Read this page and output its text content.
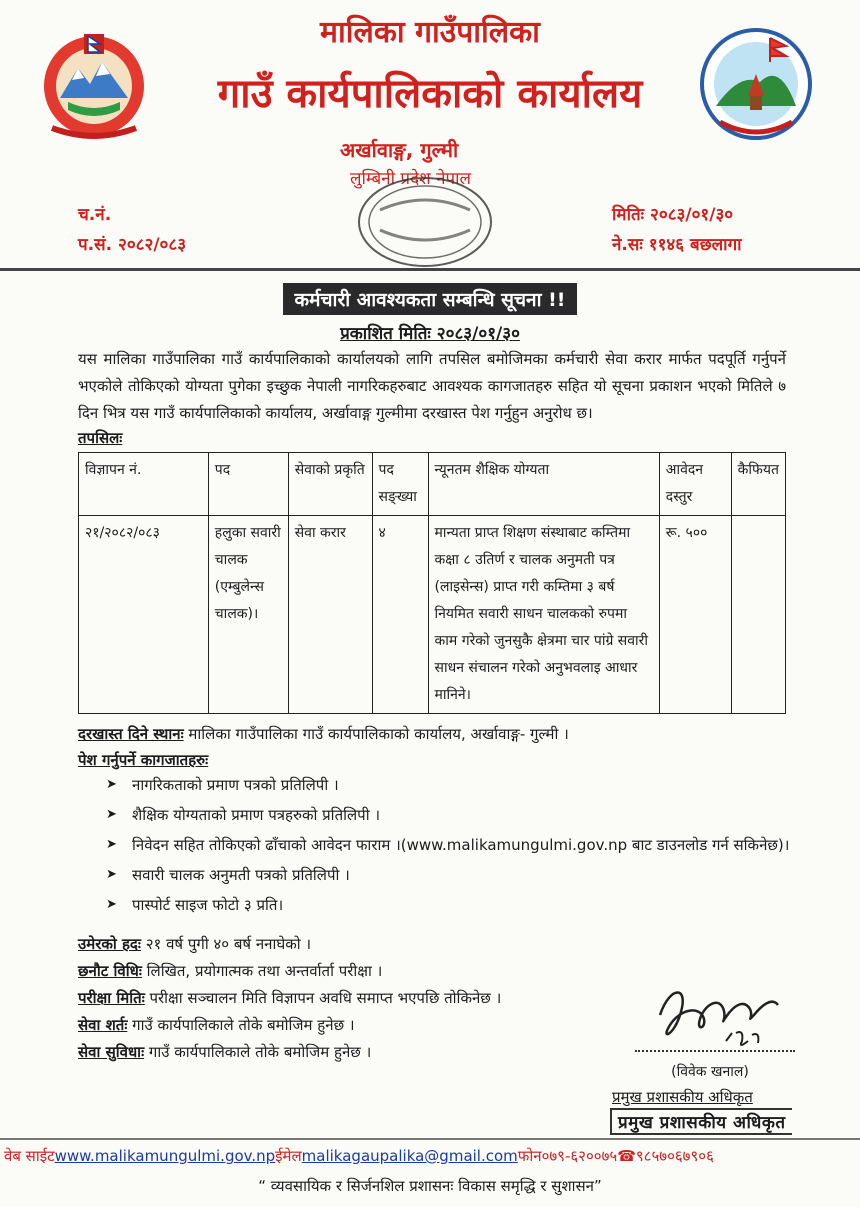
मालिका गाउँपालिका
गाउँ कार्यपालिकाको कार्यालय
अर्खावाङ्ग, गुल्मी
लुम्बिनी प्रदेश नेपाल
च.नं.
प.सं. २०८२/०८३
मितिः २०८३/०१/३०
ने.सः ११४६ बछलागा
कर्मचारी आवश्यकता सम्बन्धि सूचना !!
प्रकाशित मितिः २०८३/०१/३०
यस मालिका गाउँपालिका गाउँ कार्यपालिकाको कार्यालयको लागि तपसिल बमोजिमका कर्मचारी सेवा करार मार्फत पदपूर्ति गर्नुपर्ने भएकोले तोकिएको योग्यता पुगेका इच्छुक नेपाली नागरिकहरुबाट आवश्यक कागजातहरु सहित यो सूचना प्रकाशन भएको मितिले ७ दिन भित्र यस गाउँ कार्यपालिकाको कार्यालय, अर्खावाङ्ग गुल्मीमा दरखास्त पेश गर्नुहुन अनुरोध छ।
तपसिलः
विज्ञापन नं.	पद	सेवाको प्रकृति	पद सङ्ख्या	न्यूनतम शैक्षिक योग्यता	आवेदन दस्तुर	कैफियत
२१/२०८२/०८३	हलुका सवारी चालक (एम्बुलेन्स चालक)।	सेवा करार	४	मान्यता प्राप्त शिक्षण संस्थाबाट कम्तिमा कक्षा ८ उतिर्ण र चालक अनुमती पत्र (लाइसेन्स) प्राप्त गरी कम्तिमा ३ बर्ष नियमित सवारी साधन चालकको रुपमा काम गरेको जुनसुकै क्षेत्रमा चार पांग्रे सवारी साधन संचालन गरेको अनुभवलाइ आधार मानिने।	रू. ५००	
दरखास्त दिने स्थानः मालिका गाउँपालिका गाउँ कार्यपालिकाको कार्यालय, अर्खावाङ्ग- गुल्मी ।
पेश गर्नुपर्ने कागजातहरुः
➤ नागरिकताको प्रमाण पत्रको प्रतिलिपी ।
➤ शैक्षिक योग्यताको प्रमाण पत्रहरुको प्रतिलिपी ।
➤ निवेदन सहित तोकिएको ढाँचाको आवेदन फाराम ।(www.malikamungulmi.gov.np बाट डाउनलोड गर्न सकिनेछ)।
➤ सवारी चालक अनुमती पत्रको प्रतिलिपी ।
➤ पास्पोर्ट साइज फोटो ३ प्रति।
उमेरको हदः २१ वर्ष पुगी ४० बर्ष ननाघेको ।
छनौट विधिः लिखित, प्रयोगात्मक तथा अन्तर्वार्ता परीक्षा ।
परीक्षा मितिः परीक्षा सञ्चालन मिति विज्ञापन अवधि समाप्त भएपछि तोकिनेछ ।
सेवा शर्तः गाउँ कार्यपालिकाले तोके बमोजिम हुनेछ ।
सेवा सुविधाः गाउँ कार्यपालिकाले तोके बमोजिम हुनेछ ।
(विवेक खनाल)
प्रमुख प्रशासकीय अधिकृत
प्रमुख प्रशासकीय अधिकृत
वेब साईटwww.malikamungulmi.gov.npईमेलmalikagaupalika@gmail.comफोन०७९-६२००७५☎९८५७०६७९०६
“ व्यवसायिक र सिर्जनशिल प्रशासनः विकास समृद्धि र सुशासन”
